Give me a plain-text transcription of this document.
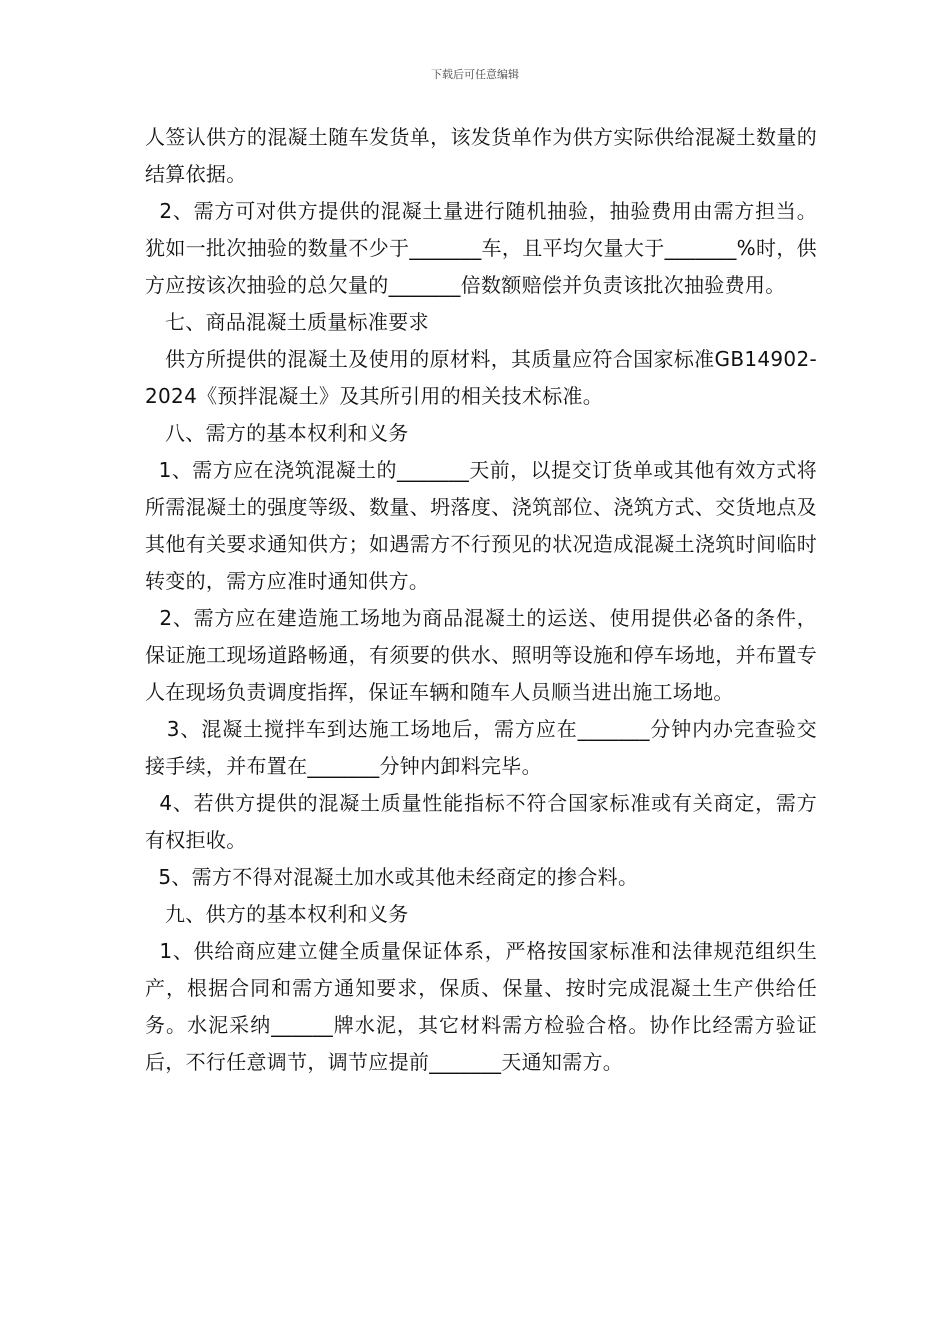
下载后可任意编辑

人签认供方的混凝土随车发货单，该发货单作为供方实际供给混凝土数量的结算依据。

2、需方可对供方提供的混凝土量进行随机抽验，抽验费用由需方担当。犹如一批次抽验的数量不少于_______车，且平均欠量大于_______%时，供方应按该次抽验的总欠量的_______倍数额赔偿并负责该批次抽验费用。

七、商品混凝土质量标准要求

供方所提供的混凝土及使用的原材料，其质量应符合国家标准GB14902-2024《预拌混凝土》及其所引用的相关技术标准。

八、需方的基本权利和义务

1、需方应在浇筑混凝土的_______天前，以提交订货单或其他有效方式将所需混凝土的强度等级、数量、坍落度、浇筑部位、浇筑方式、交货地点及其他有关要求通知供方；如遇需方不行预见的状况造成混凝土浇筑时间临时转变的，需方应准时通知供方。

2、需方应在建造施工场地为商品混凝土的运送、使用提供必备的条件，保证施工现场道路畅通，有须要的供水、照明等设施和停车场地，并布置专人在现场负责调度指挥，保证车辆和随车人员顺当进出施工场地。

3、混凝土搅拌车到达施工场地后，需方应在_______分钟内办完查验交接手续，并布置在_______分钟内卸料完毕。

4、若供方提供的混凝土质量性能指标不符合国家标准或有关商定，需方有权拒收。

5、需方不得对混凝土加水或其他未经商定的掺合料。

九、供方的基本权利和义务

1、供给商应建立健全质量保证体系，严格按国家标准和法律规范组织生产，根据合同和需方通知要求，保质、保量、按时完成混凝土生产供给任务。水泥采纳______牌水泥，其它材料需方检验合格。协作比经需方验证后，不行任意调节，调节应提前_______天通知需方。
